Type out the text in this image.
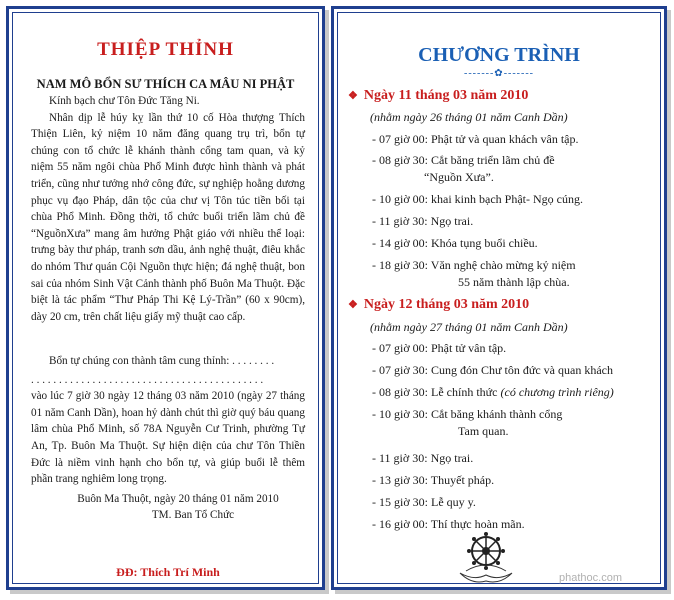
THIỆP THỈNH
NAM MÔ BỔN SƯ THÍCH CA MÂU NI PHẬT

Kính bạch chư Tôn Đức Tăng Ni.

Nhân dịp lễ húy kỵ lần thứ 10 cố Hòa thượng Thích Thiện Liên, kỷ niệm 10 năm đăng quang trụ trì, bổn tự chúng con tổ chức lễ khánh thành cổng tam quan, và kỷ niệm 55 năm ngôi chùa Phổ Minh được hình thành và phát triển, cũng như tưởng nhớ công đức, sự nghiệp hoằng dương phục vụ đạo Pháp, dân tộc của chư vị Tôn túc tiền bối tại chùa Phổ Minh. Đồng thời, tổ chức buổi triển lãm chủ đề “NguồnXưa” mang âm hưởng Phật giáo với nhiều thể loại: trưng bày thư pháp, tranh sơn dầu, ảnh nghệ thuật, điêu khắc do nhóm Thư quán Cội Nguồn thực hiện; đá nghệ thuật, bon sai của nhóm Sinh Vật Cảnh thành phố Buôn Ma Thuột. Đặc biệt là tác phẩm “Thư Pháp Thi Kệ Lý-Trần” (60 x 90cm), dày 20 cm, trên chất liệu giấy mỹ thuật cao cấp.

Bổn tự chúng con thành tâm cung thỉnh: . . . . . . . .

. . . . . . . . . . . . . . . . . . . . . . . . . . . . . . . . . . . . . . . . . .

vào lúc 7 giờ 30 ngày 12 tháng 03 năm 2010 (ngày 27 tháng 01 năm Canh Dần), hoan hỷ dành chút thì giờ quý báu quang lâm chùa Phổ Minh, số 78A Nguyễn Cư Trinh, phường Tự An, Tp. Buôn Ma Thuột. Sự hiện diện của chư Tôn Thiền Đức là niềm vinh hạnh cho bổn tự, và giúp buổi lễ thêm phần trang nghiêm long trọng.

Buôn Ma Thuột, ngày 20 tháng 01 năm 2010

TM. Ban Tổ Chức

ĐĐ: Thích Trí Minh
CHƯƠNG TRÌNH
-------✿-------
❖ Ngày 11 tháng 03 năm 2010
(nhằm ngày 26 tháng 01 năm Canh Dần)
- 07 giờ 00: Phật tử và quan khách vân tập.
- 08 giờ 30: Cắt băng triển lãm chủ đề
“Nguồn Xưa”.
- 10 giờ 00: khai kinh bạch Phật- Ngọ cúng.
- 11 giờ 30: Ngọ trai.
- 14 giờ 00: Khóa tụng buổi chiều.
- 18 giờ 30: Văn nghệ chào mừng kỷ niệm
55 năm thành lập chùa.
❖ Ngày 12 tháng 03 năm 2010
(nhằm ngày 27 tháng 01 năm Canh Dần)
- 07 giờ 00: Phật tử vân tập.
- 07 giờ 30: Cung đón Chư tôn đức và quan khách
- 08 giờ 30: Lễ chính thức (có chương trình riêng)
- 10 giờ 30: Cắt băng khánh thành cổng
Tam quan.
- 11 giờ 30: Ngọ trai.
- 13 giờ 30: Thuyết pháp.
- 15 giờ 30: Lễ quy y.
- 16 giờ 00: Thí thực hoàn mãn.
phathoc.com
